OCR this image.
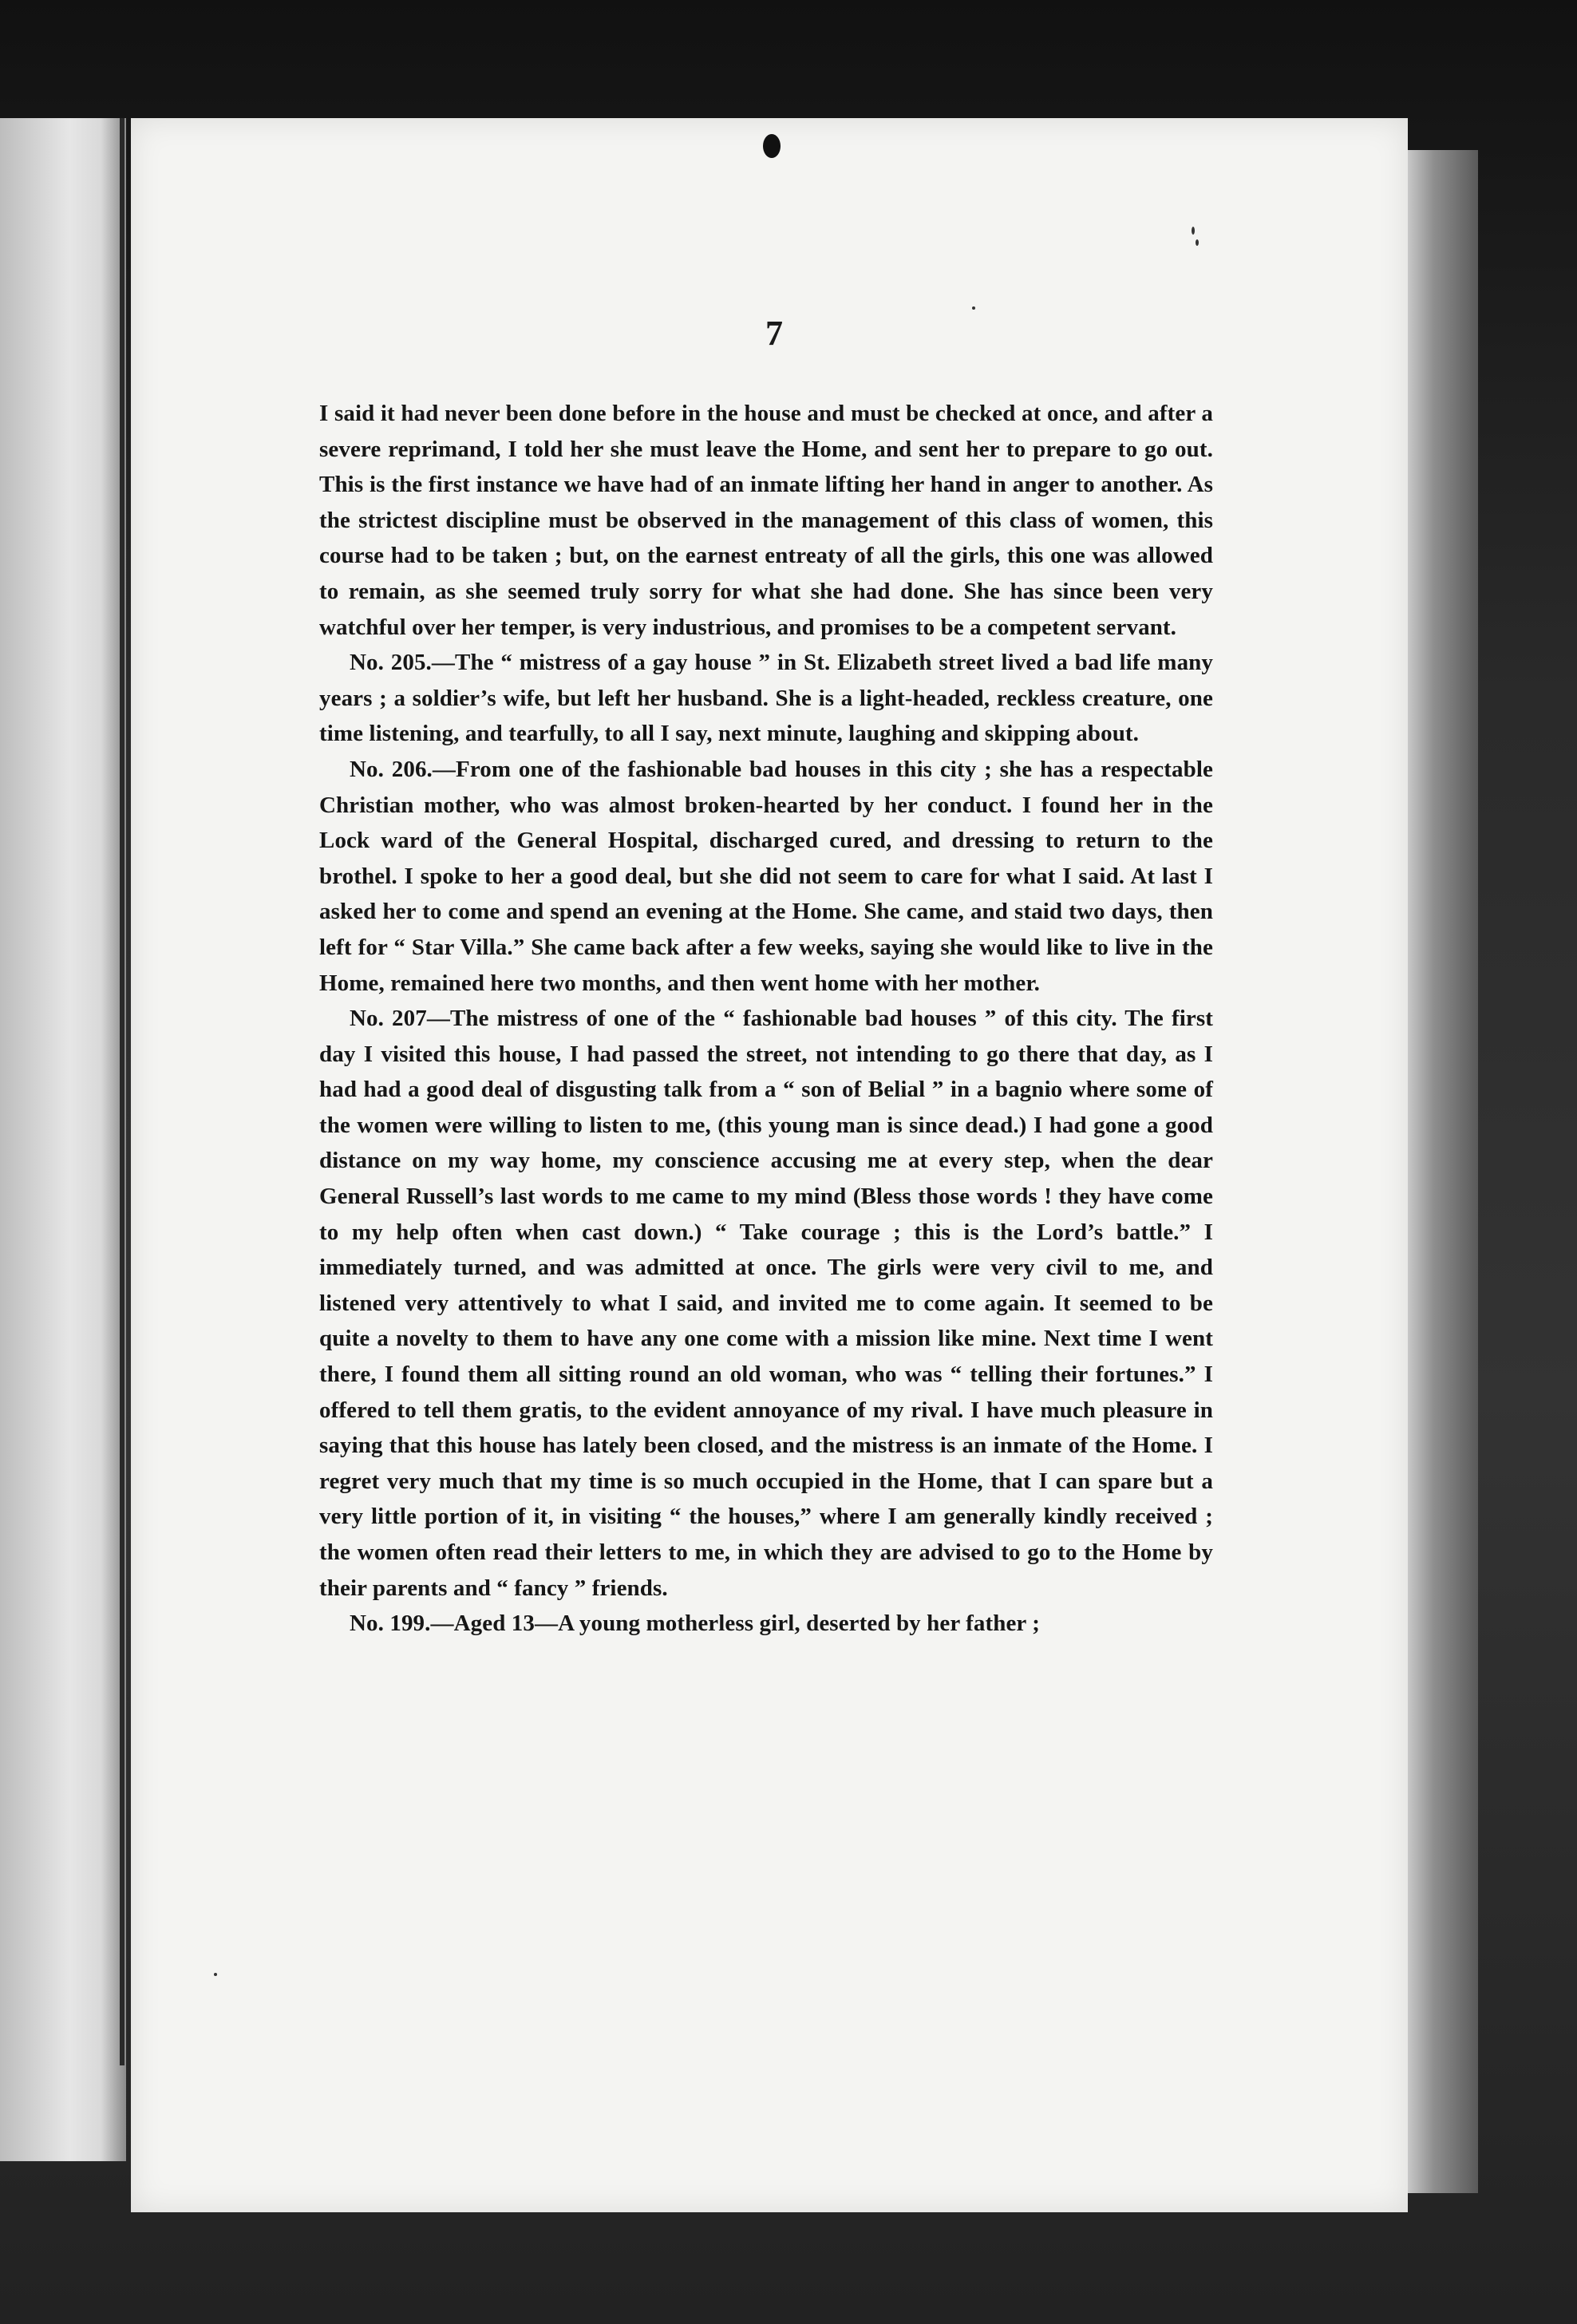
7

I said it had never been done before in the house and must be checked at once, and after a severe reprimand, I told her she must leave the Home, and sent her to prepare to go out. This is the first instance we have had of an inmate lifting her hand in anger to another. As the strictest discipline must be observed in the management of this class of women, this course had to be taken ; but, on the earnest entreaty of all the girls, this one was allowed to remain, as she seemed truly sorry for what she had done. She has since been very watchful over her temper, is very industrious, and promises to be a competent servant.

No. 205.—The “ mistress of a gay house ” in St. Elizabeth street lived a bad life many years ; a soldier’s wife, but left her husband. She is a light-headed, reckless creature, one time listening, and tearfully, to all I say, next minute, laughing and skipping about.

No. 206.—From one of the fashionable bad houses in this city ; she has a respectable Christian mother, who was almost broken-hearted by her conduct. I found her in the Lock ward of the General Hospital, discharged cured, and dressing to return to the brothel. I spoke to her a good deal, but she did not seem to care for what I said. At last I asked her to come and spend an evening at the Home. She came, and staid two days, then left for “ Star Villa.” She came back after a few weeks, saying she would like to live in the Home, remained here two months, and then went home with her mother.

No. 207—The mistress of one of the “ fashionable bad houses ” of this city. The first day I visited this house, I had passed the street, not intending to go there that day, as I had had a good deal of disgusting talk from a “ son of Belial ” in a bagnio where some of the women were willing to listen to me, (this young man is since dead.) I had gone a good distance on my way home, my conscience accusing me at every step, when the dear General Russell’s last words to me came to my mind (Bless those words ! they have come to my help often when cast down.) “ Take courage ; this is the Lord’s battle.” I immediately turned, and was admitted at once. The girls were very civil to me, and listened very attentively to what I said, and invited me to come again. It seemed to be quite a novelty to them to have any one come with a mission like mine. Next time I went there, I found them all sitting round an old woman, who was “ telling their fortunes.” I offered to tell them gratis, to the evident annoyance of my rival. I have much pleasure in saying that this house has lately been closed, and the mistress is an inmate of the Home. I regret very much that my time is so much occupied in the Home, that I can spare but a very little portion of it, in visiting “ the houses,” where I am generally kindly received ; the women often read their letters to me, in which they are advised to go to the Home by their parents and “ fancy ” friends.

No. 199.—Aged 13—A young motherless girl, deserted by her father ;
